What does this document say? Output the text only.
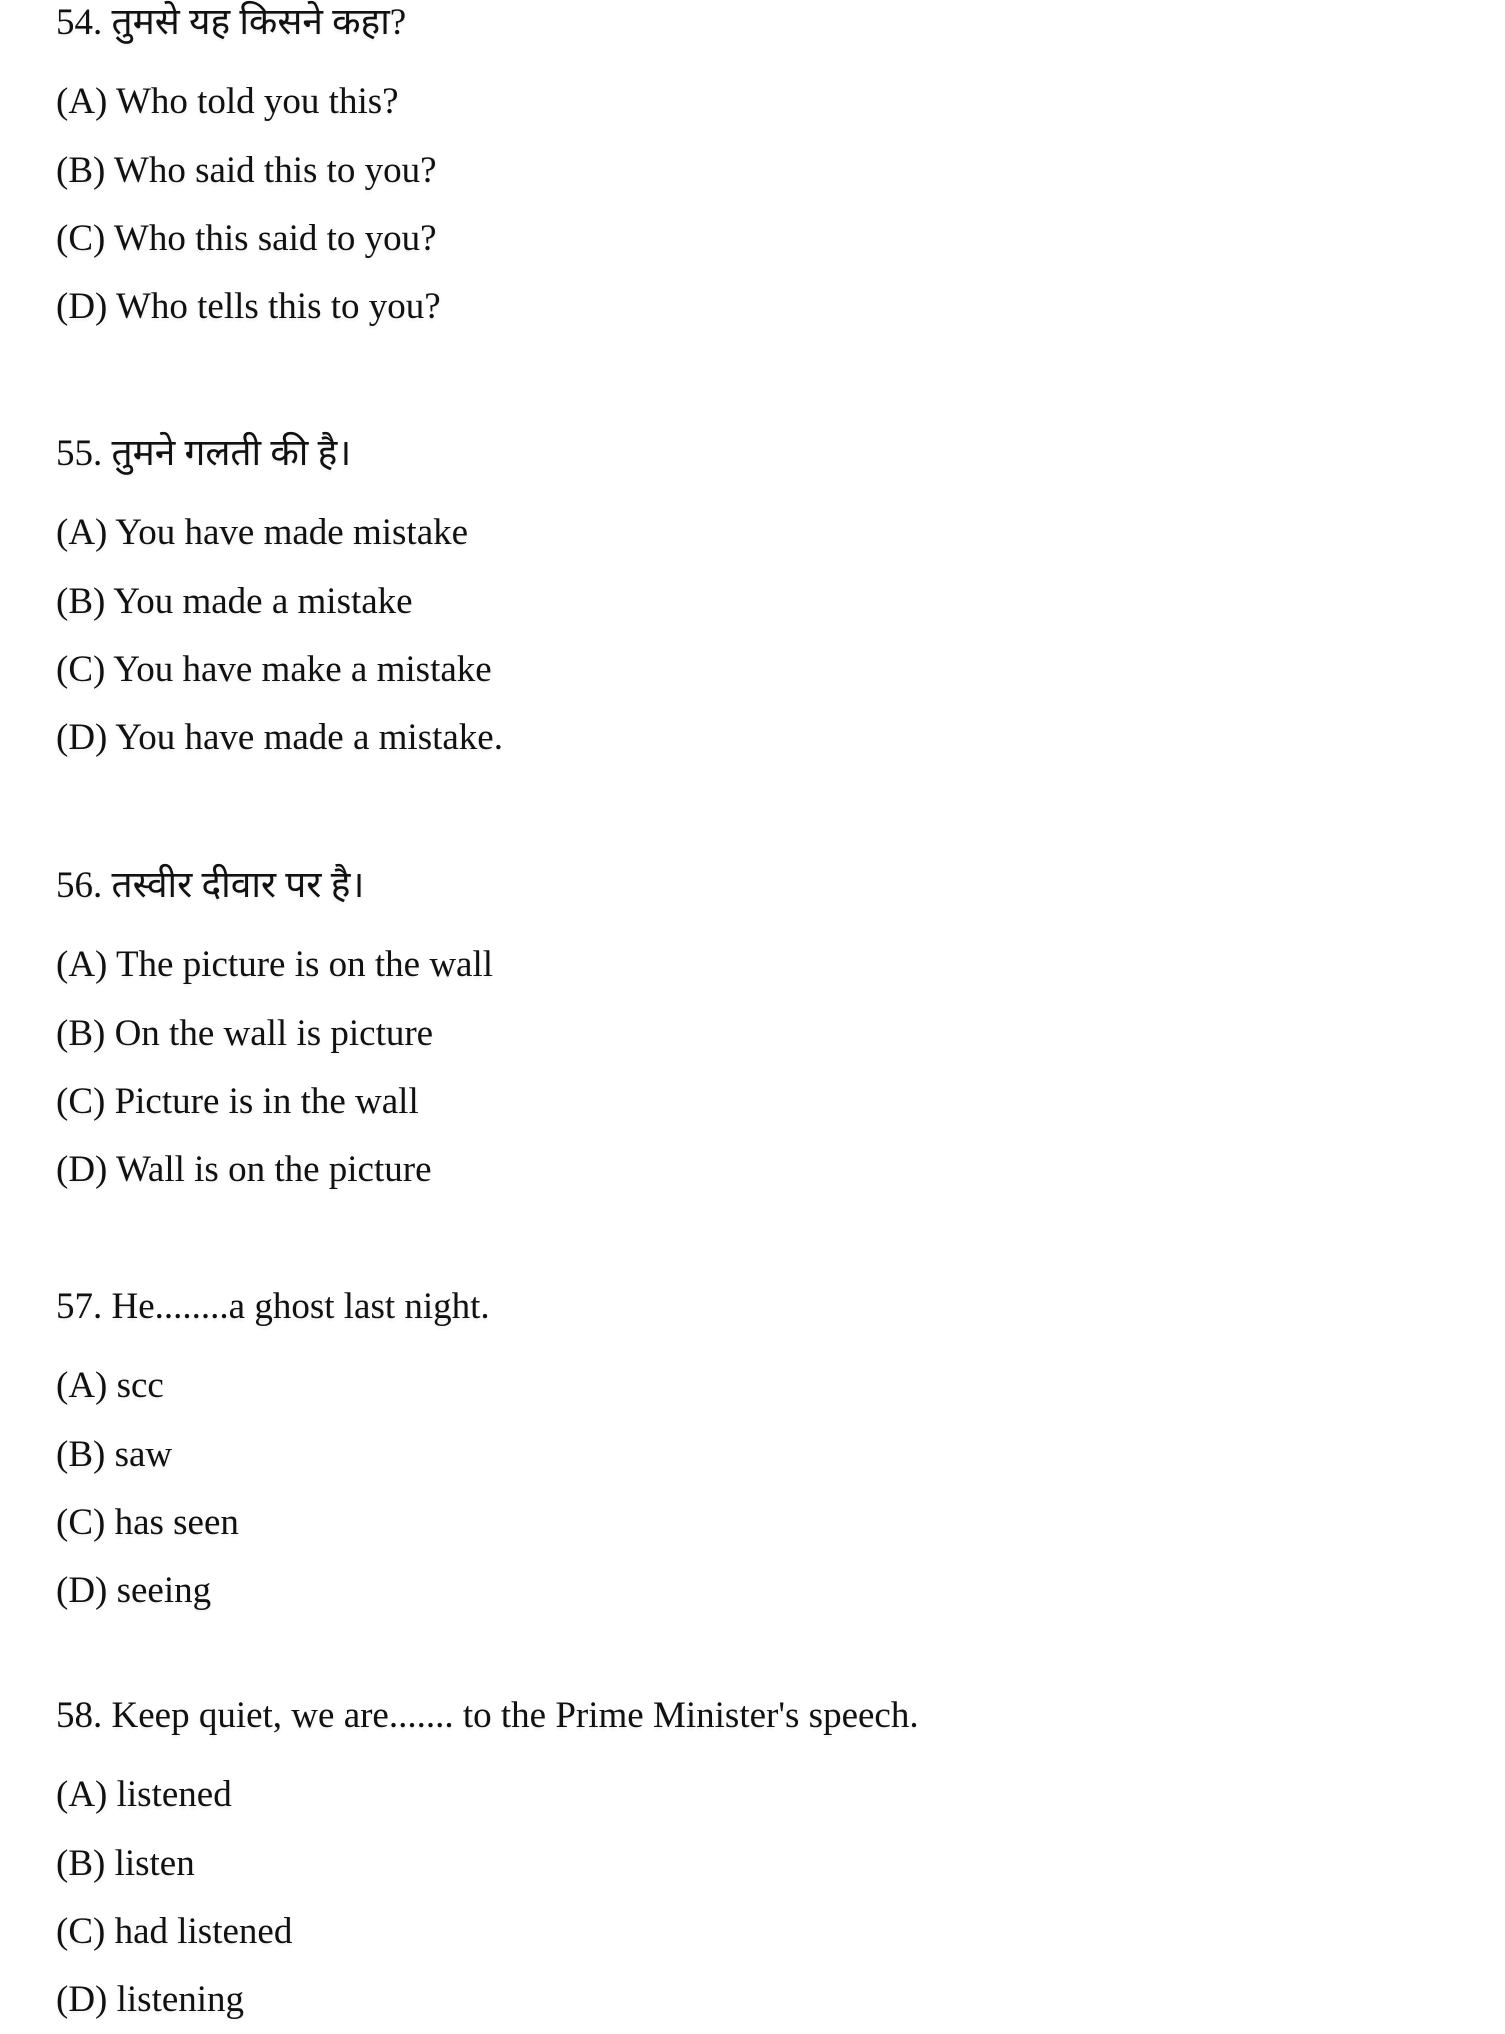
54. तुमसे यह किसने कहा?
(A) Who told you this?
(B) Who said this to you?
(C) Who this said to you?
(D) Who tells this to you?
55. तुमने गलती की है।
(A) You have made mistake
(B) You made a mistake
(C) You have make a mistake
(D) You have made a mistake.
56. तस्वीर दीवार पर है।
(A) The picture is on the wall
(B) On the wall is picture
(C) Picture is in the wall
(D) Wall is on the picture
57. He........a ghost last night.
(A) scc
(B) saw
(C) has seen
(D) seeing
58. Keep quiet, we are....... to the Prime Minister's speech.
(A) listened
(B) listen
(C) had listened
(D) listening
